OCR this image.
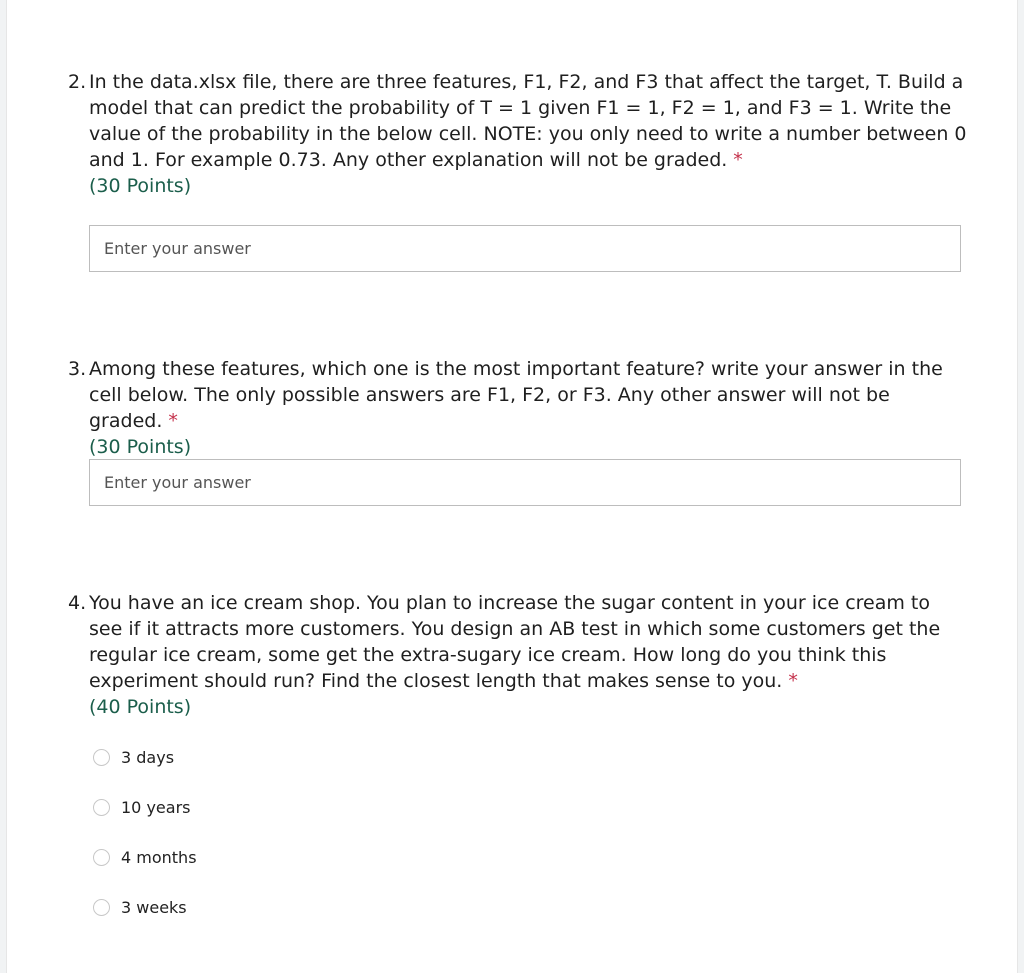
2. In the data.xlsx file, there are three features, F1, F2, and F3 that affect the target, T. Build a model that can predict the probability of T = 1 given F1 = 1, F2 = 1, and F3 = 1. Write the value of the probability in the below cell. NOTE: you only need to write a number between 0 and 1. For example 0.73. Any other explanation will not be graded. *
(30 Points)
Enter your answer
3. Among these features, which one is the most important feature? write your answer in the cell below. The only possible answers are F1, F2, or F3. Any other answer will not be graded. *
(30 Points)
Enter your answer
4. You have an ice cream shop. You plan to increase the sugar content in your ice cream to see if it attracts more customers. You design an AB test in which some customers get the regular ice cream, some get the extra-sugary ice cream. How long do you think this experiment should run? Find the closest length that makes sense to you. *
(40 Points)
3 days
10 years
4 months
3 weeks
